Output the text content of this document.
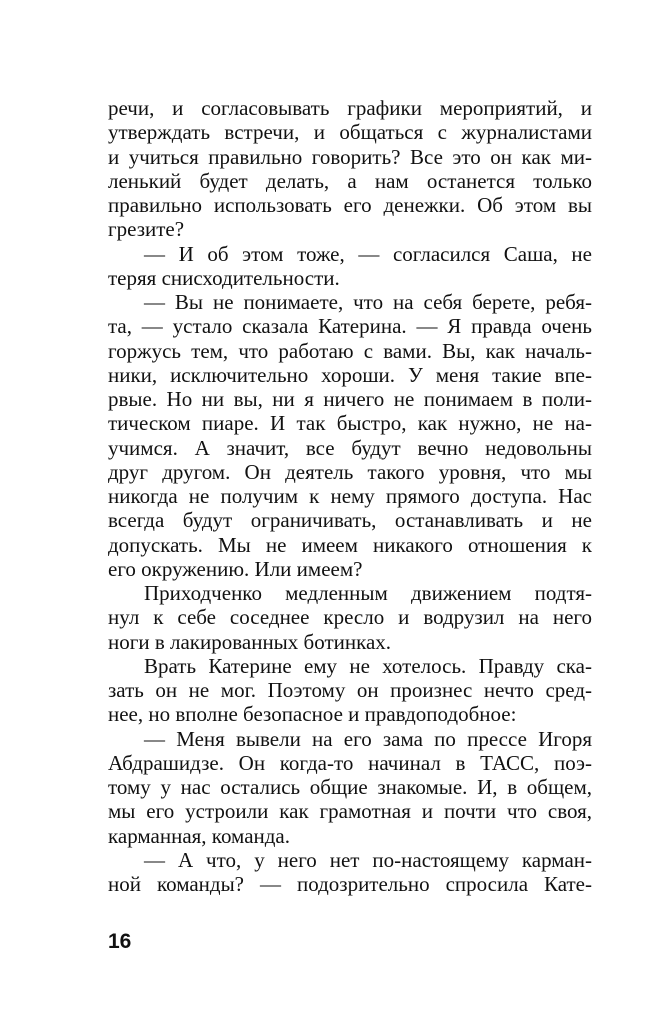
речи, и согласовывать графики мероприятий, и
утверждать встречи, и общаться с журналистами
и учиться правильно говорить? Все это он как ми-
ленький будет делать, а нам останется только
правильно использовать его денежки. Об этом вы
грезите?
— И об этом тоже, — согласился Саша, не
теряя снисходительности.
— Вы не понимаете, что на себя берете, ребя-
та, — устало сказала Катерина. — Я правда очень
горжусь тем, что работаю с вами. Вы, как началь-
ники, исключительно хороши. У меня такие впе-
рвые. Но ни вы, ни я ничего не понимаем в поли-
тическом пиаре. И так быстро, как нужно, не на-
учимся. А значит, все будут вечно недовольны
друг другом. Он деятель такого уровня, что мы
никогда не получим к нему прямого доступа. Нас
всегда будут ограничивать, останавливать и не
допускать. Мы не имеем никакого отношения к
его окружению. Или имеем?
Приходченко медленным движением подтя-
нул к себе соседнее кресло и водрузил на него
ноги в лакированных ботинках.
Врать Катерине ему не хотелось. Правду ска-
зать он не мог. Поэтому он произнес нечто сред-
нее, но вполне безопасное и правдоподобное:
— Меня вывели на его зама по прессе Игоря
Абдрашидзе. Он когда-то начинал в ТАСС, поэ-
тому у нас остались общие знакомые. И, в общем,
мы его устроили как грамотная и почти что своя,
карманная, команда.
— А что, у него нет по-настоящему карман-
ной команды? — подозрительно спросила Кате-
16
